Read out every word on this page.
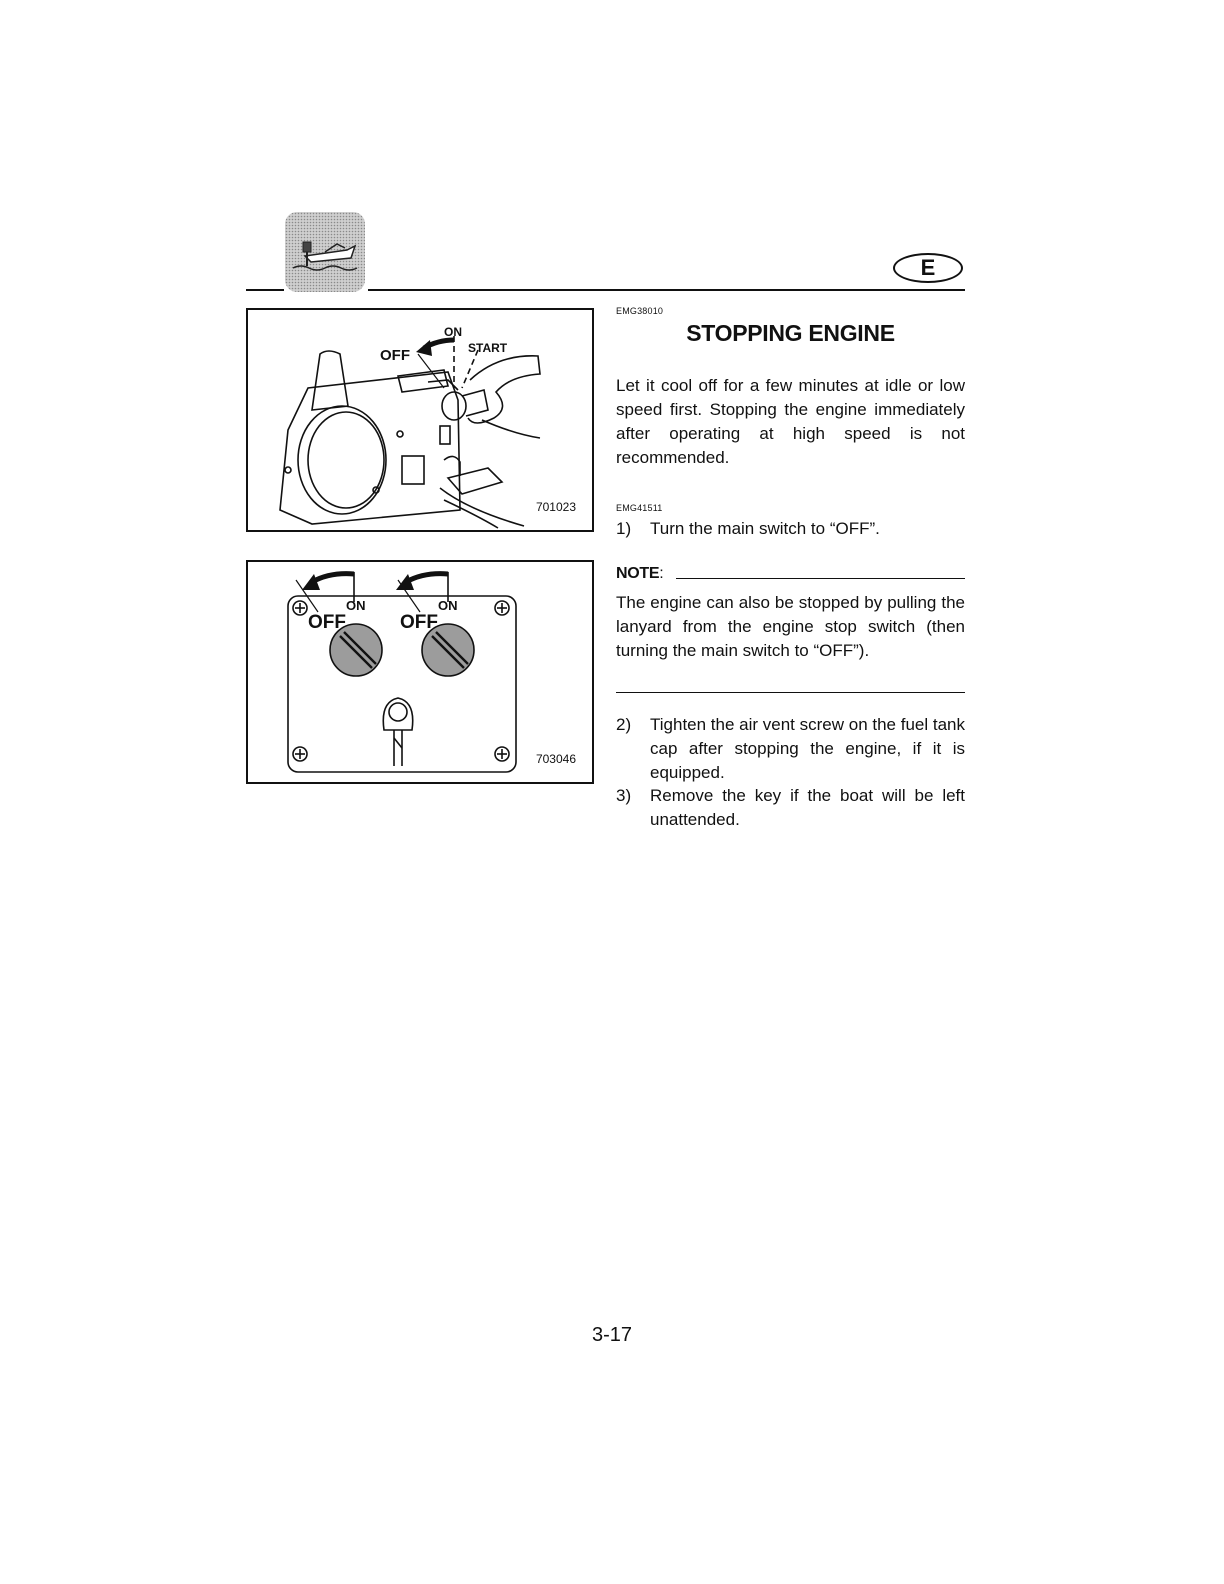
E
ON
OFF	START
701023
ON
OFF
ON
OFF
703046
EMG38010
STOPPING ENGINE
Let it cool off for a few minutes at idle or low speed first. Stopping the engine immediately after operating at high speed is not recommended.
EMG41511
1)	Turn the main switch to “OFF”.
NOTE :
The engine can also be stopped by pulling the lanyard from the engine stop switch (then turning the main switch to “OFF”).
2)	Tighten the air vent screw on the fuel tank cap after stopping the engine, if it is equipped.
3)	Remove the key if the boat will be left unattended.
3-17
